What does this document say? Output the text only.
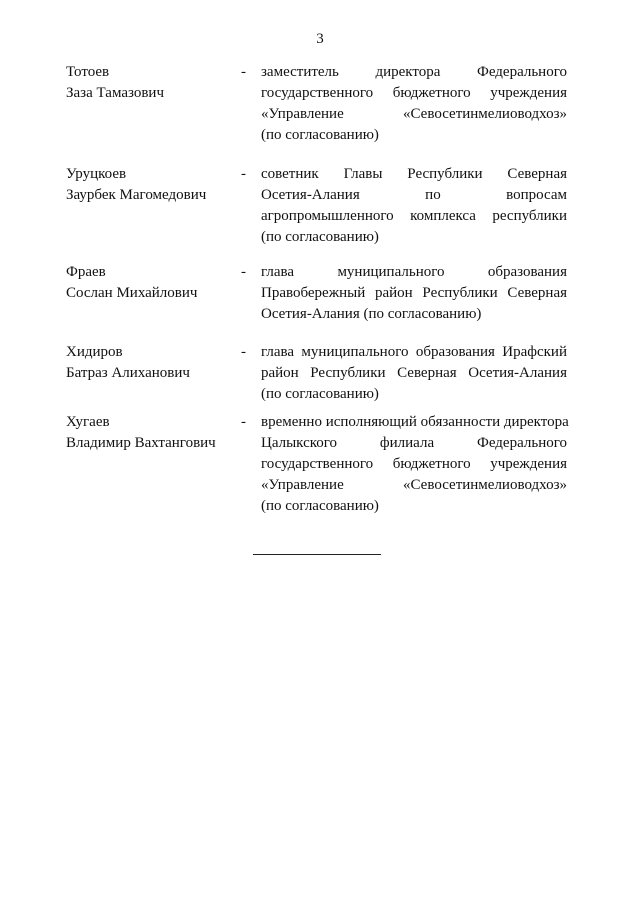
3
Тотоев
Заза Тамазович
- заместитель директора Федерального
государственного бюджетного учреждения
«Управление «Севосетинмелиоводхоз»
(по согласованию)
Уруцкоев
Заурбек Магомедович
- советник Главы Республики Северная
Осетия-Алания по вопросам
агропромышленного комплекса республики
(по согласованию)
Фраев
Сослан Михайлович
- глава муниципального образования
Правобережный район Республики Северная
Осетия-Алания (по согласованию)
Хидиров
Батраз Алиханович
- глава муниципального образования Ирафский
район Республики Северная Осетия-Алания
(по согласованию)
Хугаев
Владимир Вахтангович
- временно исполняющий обязанности директора
Цалыкского филиала Федерального
государственного бюджетного учреждения
«Управление «Севосетинмелиоводхоз»
(по согласованию)
